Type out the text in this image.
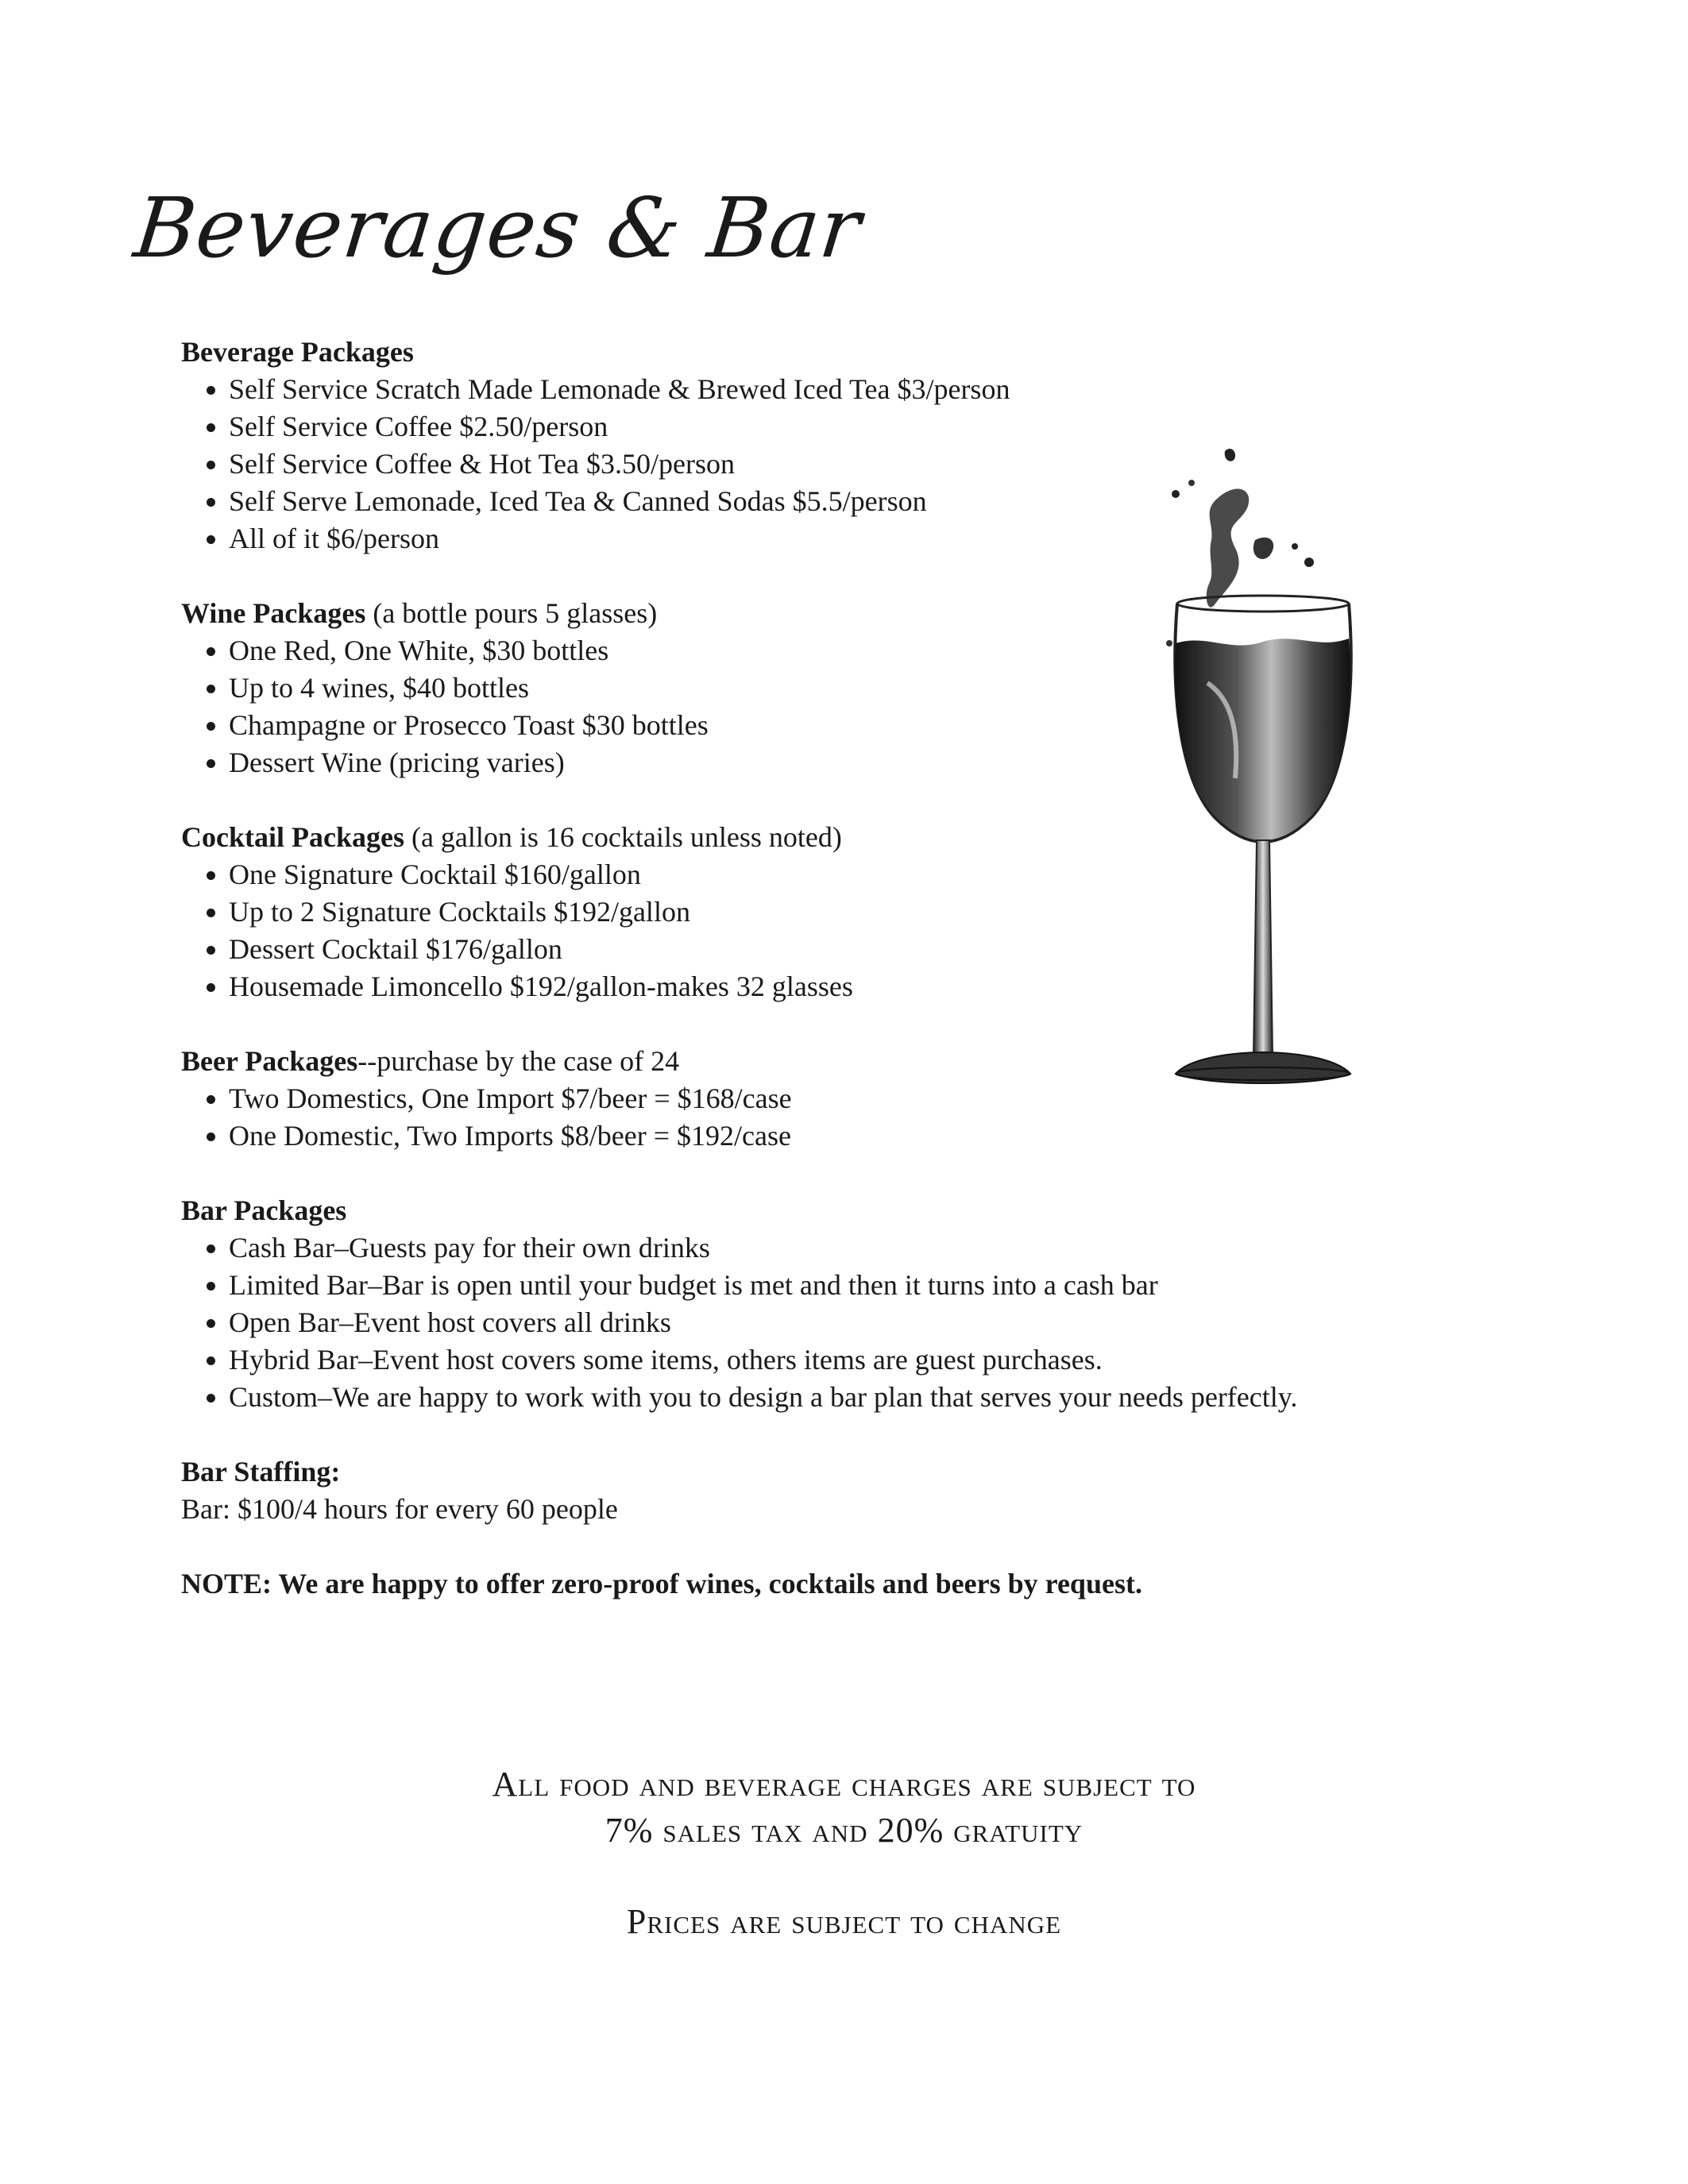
Beverages & Bar
Beverage Packages
• Self Service Scratch Made Lemonade & Brewed Iced Tea $3/person
• Self Service Coffee $2.50/person
• Self Service Coffee & Hot Tea $3.50/person
• Self Serve Lemonade, Iced Tea & Canned Sodas $5.5/person
• All of it $6/person
Wine Packages (a bottle pours 5 glasses)
• One Red, One White, $30 bottles
• Up to 4 wines, $40 bottles
• Champagne or Prosecco Toast $30 bottles
• Dessert Wine (pricing varies)
Cocktail Packages (a gallon is 16 cocktails unless noted)
• One Signature Cocktail $160/gallon
• Up to 2 Signature Cocktails $192/gallon
• Dessert Cocktail $176/gallon
• Housemade Limoncello $192/gallon-makes 32 glasses
Beer Packages--purchase by the case of 24
• Two Domestics, One Import $7/beer = $168/case
• One Domestic, Two Imports $8/beer = $192/case
Bar Packages
• Cash Bar–Guests pay for their own drinks
• Limited Bar–Bar is open until your budget is met and then it turns into a cash bar
• Open Bar–Event host covers all drinks
• Hybrid Bar–Event host covers some items, others items are guest purchases.
• Custom–We are happy to work with you to design a bar plan that serves your needs perfectly.
Bar Staffing:

Bar: $100/4 hours for every 60 people

NOTE: We are happy to offer zero-proof wines, cocktails and beers by request.

All food and beverage charges are subject to
7% sales tax and 20% gratuity
Prices are subject to change
